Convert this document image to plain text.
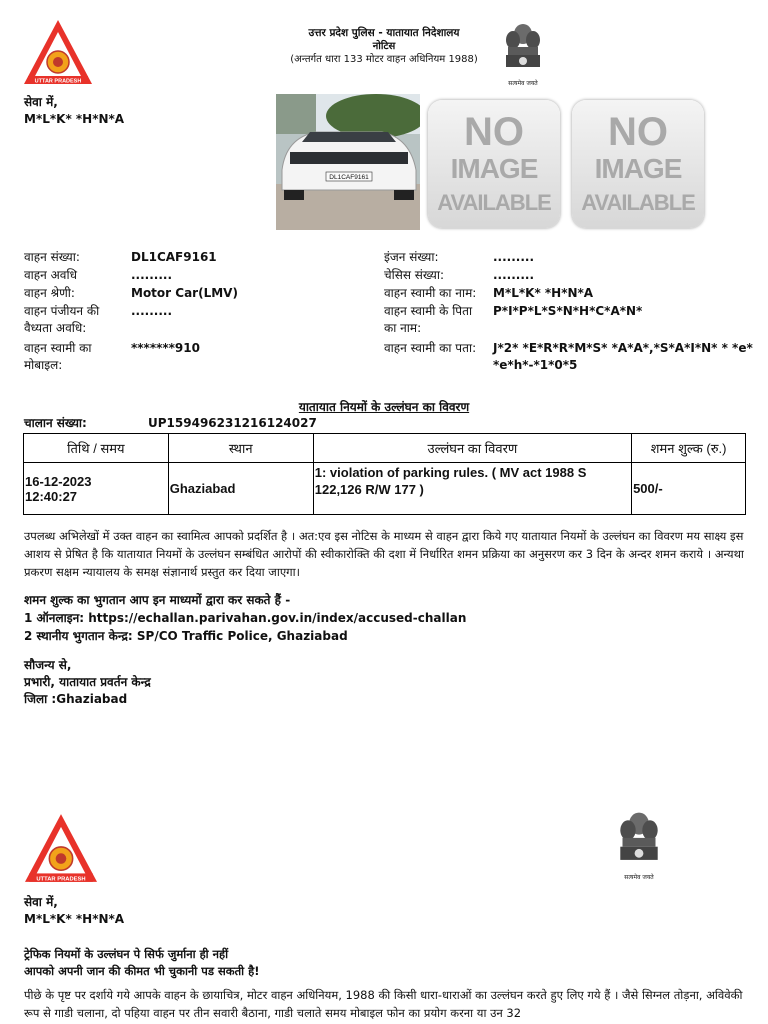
उत्तर प्रदेश पुलिस - यातायात निदेशालय
नोटिस
(अन्तर्गत धारा 133 मोटर वाहन अधिनियम 1988)
UTTAR PRADESH	सत्यमेव जयते
सेवा में,
M*L*K* *H*N*A
DL1CAF9161
NO
IMAGE
AVAILABLE
NO
IMAGE
AVAILABLE
वाहन संख्या:	DL1CAF9161
वाहन अवधि	.........
वाहन श्रेणी:	Motor Car(LMV)
वाहन पंजीयन की वैध्यता अवधि:
.........
वाहन स्वामी का मोबाइल:
*******910
इंजन संख्या:	.........
चेसिस संख्या:	.........
वाहन स्वामी का नाम:	M*L*K* *H*N*A
वाहन स्वामी के पिता का नाम:
P*I*P*L*S*N*H*C*A*N*
वाहन स्वामी का पता:	J*2* *E*R*R*M*S* *A*A*,*S*A*I*N* * *e* *e*h*-*1*0*5
यातायात नियमों के उल्लंघन का विवरण
चालान संख्या:	UP159496231216124027
तिथि / समय	स्थान	उल्लंघन का विवरण	शमन शुल्क (रु.)

16-12-2023
12:40:27	Ghaziabad	1: violation of parking rules. ( MV act 1988 S 122,126 R/W 177 )	500/-
उपलब्ध अभिलेखों में उक्त वाहन का स्वामित्व आपको प्रदर्शित है । अत:एव इस नोटिस के माध्यम से वाहन द्वारा किये गए यातायात नियमों के उल्लंघन का विवरण मय साक्ष्य इस आशय से प्रेषित है कि यातायात नियमों के उल्लंघन सम्बंधित आरोपों की स्वीकारोक्ति की दशा में निर्धारित शमन प्रक्रिया का अनुसरण कर 3 दिन के अन्दर शमन कराये । अन्यथा प्रकरण सक्षम न्यायालय के समक्ष संज्ञानार्थ प्रस्तुत कर दिया जाएगा।
शमन शुल्क का भुगतान आप इन माध्यमों द्वारा कर सकते हैं -
1 ऑनलाइन: https://echallan.parivahan.gov.in/index/accused-challan
2 स्थानीय भुगतान केन्द्र: SP/CO Traffic Police, Ghaziabad
सौजन्य से,
प्रभारी, यातायात प्रवर्तन केन्द्र
जिला :Ghaziabad
UTTAR PRADESH	सत्यमेव जयते
सेवा में,
M*L*K* *H*N*A
ट्रेफिक नियमों के उल्लंघन पे सिर्फ जुर्माना ही नहीं
आपको अपनी जान की कीमत भी चुकानी पड सकती है!
पीछे के पृष्ट पर दर्शाये गये आपके वाहन के छायाचित्र, मोटर वाहन अधिनियम, 1988 की किसी धारा-धाराओं का उल्लंघन करते हुए लिए गये हैं । जैसे सिग्नल तोड़ना, अविवेकी रूप से गाडी चलाना, दो पहिया वाहन पर तीन सवारी बैठाना, गाडी चलाते समय मोबाइल फोन का प्रयोग करना या उन 32
